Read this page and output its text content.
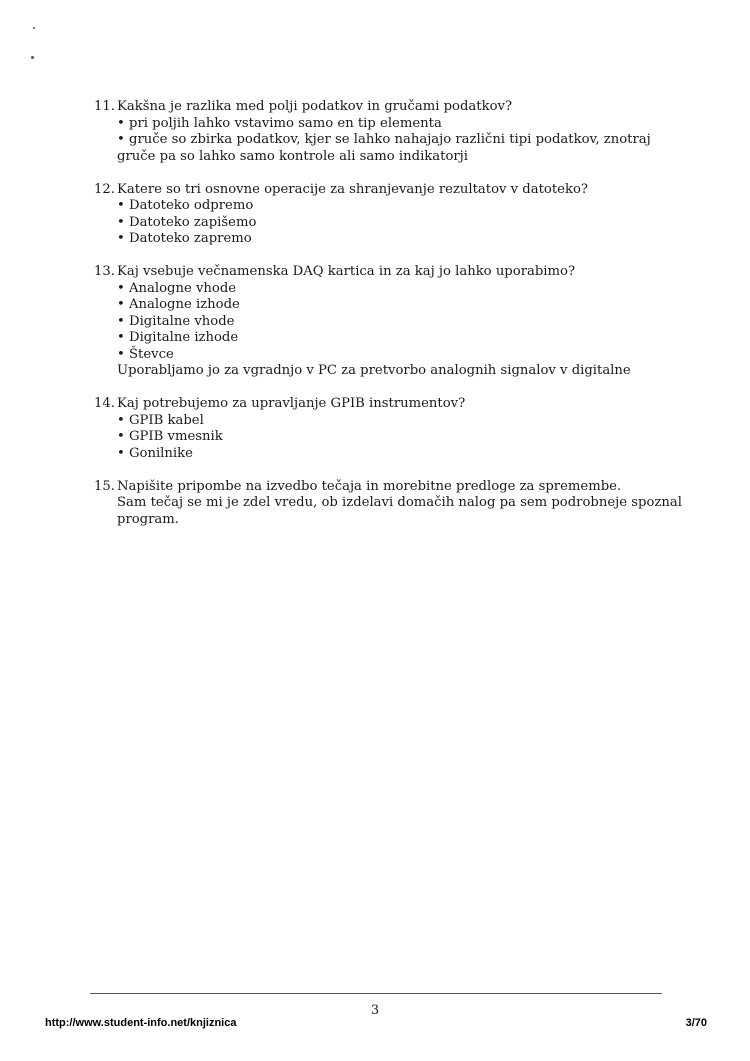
11. Kakšna je razlika med polji podatkov in gručami podatkov?
• pri poljih lahko vstavimo samo en tip elementa
• gruče so zbirka podatkov, kjer se lahko nahajajo različni tipi podatkov, znotraj
gruče pa so lahko samo kontrole ali samo indikatorji
12. Katere so tri osnovne operacije za shranjevanje rezultatov v datoteko?
• Datoteko odpremo
• Datoteko zapišemo
• Datoteko zapremo
13. Kaj vsebuje večnamenska DAQ kartica in za kaj jo lahko uporabimo?
• Analogne vhode
• Analogne izhode
• Digitalne vhode
• Digitalne izhode
• Števce
Uporabljamo jo za vgradnjo v PC za pretvorbo analognih signalov v digitalne
14. Kaj potrebujemo za upravljanje GPIB instrumentov?
• GPIB kabel
• GPIB vmesnik
• Gonilnike
15. Napišite pripombe na izvedbo tečaja in morebitne predloge za spremembe.
Sam tečaj se mi je zdel vredu, ob izdelavi domačih nalog pa sem podrobneje spoznal program.
3
http://www.student-info.net/knjiznica	3/70
